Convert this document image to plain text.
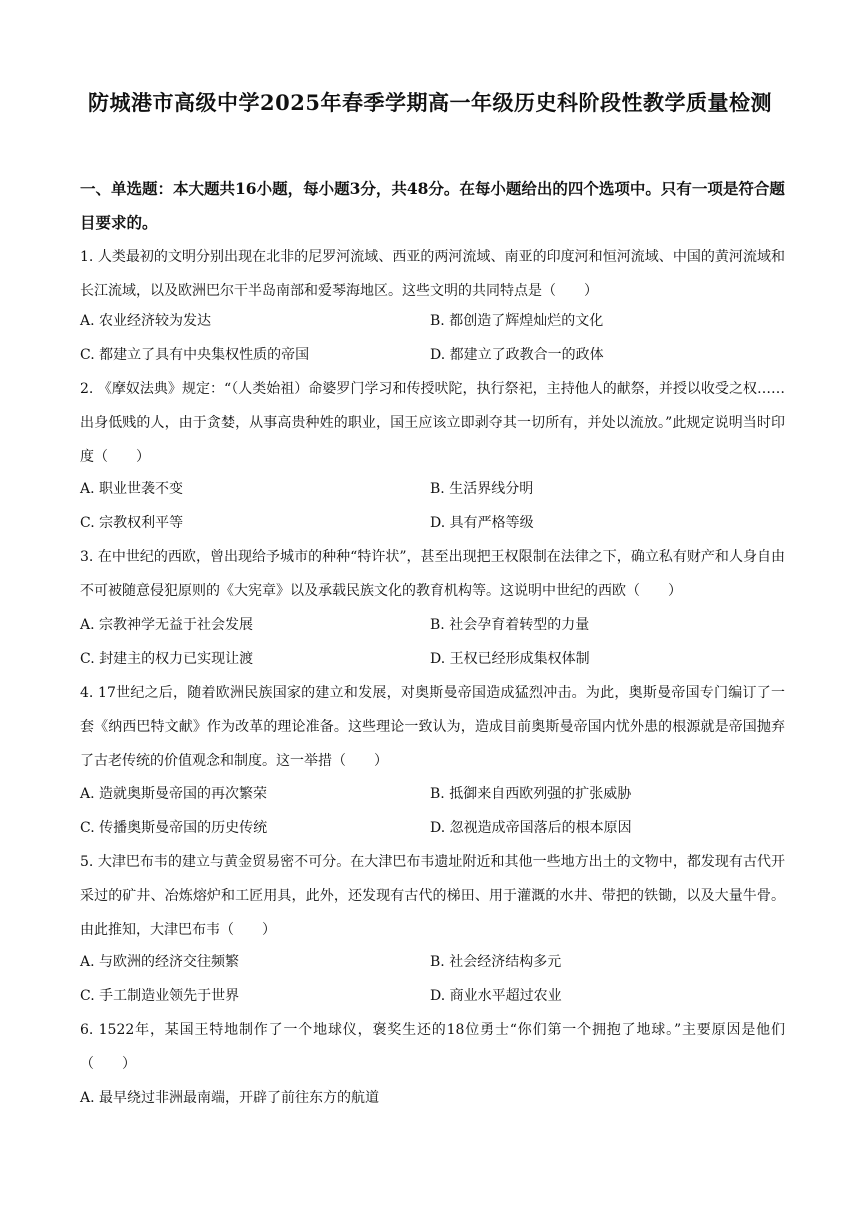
防城港市高级中学2025年春季学期高一年级历史科阶段性教学质量检测
一、单选题：本大题共16小题，每小题3分，共48分。在每小题给出的四个选项中。只有一项是符合题目要求的。
1. 人类最初的文明分别出现在北非的尼罗河流域、西亚的两河流域、南亚的印度河和恒河流域、中国的黄河流域和长江流域，以及欧洲巴尔干半岛南部和爱琴海地区。这些文明的共同特点是（　　）
A. 农业经济较为发达	B. 都创造了辉煌灿烂的文化
C. 都建立了具有中央集权性质的帝国	D. 都建立了政教合一的政体
2. 《摩奴法典》规定：“（人类始祖）命婆罗门学习和传授吠陀，执行祭祀，主持他人的献祭，并授以收受之权……出身低贱的人，由于贪婪，从事高贵种姓的职业，国王应该立即剥夺其一切所有，并处以流放。”此规定说明当时印度（　　）
A. 职业世袭不变	B. 生活界线分明
C. 宗教权利平等	D. 具有严格等级
3. 在中世纪的西欧，曾出现给予城市的种种“特许状”，甚至出现把王权限制在法律之下，确立私有财产和人身自由不可被随意侵犯原则的《大宪章》以及承载民族文化的教育机构等。这说明中世纪的西欧（　　）
A. 宗教神学无益于社会发展	B. 社会孕育着转型的力量
C. 封建主的权力已实现让渡	D. 王权已经形成集权体制
4. 17世纪之后，随着欧洲民族国家的建立和发展，对奥斯曼帝国造成猛烈冲击。为此，奥斯曼帝国专门编订了一套《纳西巴特文献》作为改革的理论准备。这些理论一致认为，造成目前奥斯曼帝国内忧外患的根源就是帝国抛弃了古老传统的价值观念和制度。这一举措（　　）
A. 造就奥斯曼帝国的再次繁荣	B. 抵御来自西欧列强的扩张威胁
C. 传播奥斯曼帝国的历史传统	D. 忽视造成帝国落后的根本原因
5. 大津巴布韦的建立与黄金贸易密不可分。在大津巴布韦遗址附近和其他一些地方出土的文物中，都发现有古代开采过的矿井、冶炼熔炉和工匠用具，此外，还发现有古代的梯田、用于灌溉的水井、带把的铁锄，以及大量牛骨。由此推知，大津巴布韦（　　）
A. 与欧洲的经济交往频繁	B. 社会经济结构多元
C. 手工制造业领先于世界	D. 商业水平超过农业
6. 1522年，某国王特地制作了一个地球仪，褒奖生还的18位勇士“你们第一个拥抱了地球。”主要原因是他们（　　）
A. 最早绕过非洲最南端，开辟了前往东方的航道
